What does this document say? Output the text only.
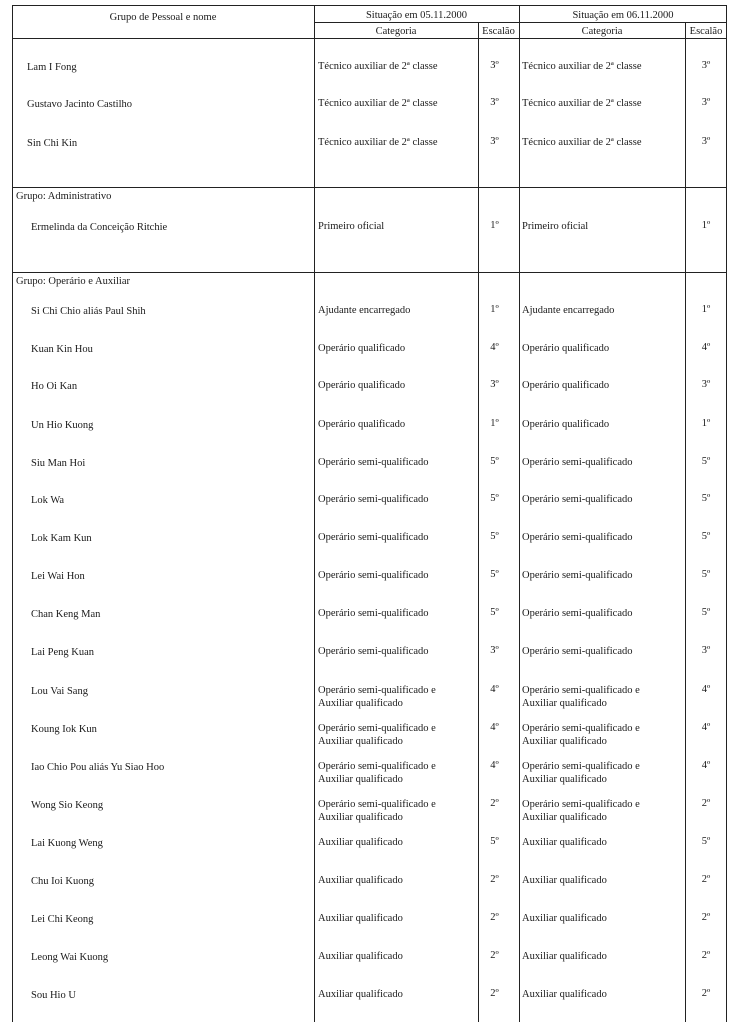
Grupo de Pessoal e nome	Situação em 05.11.2000	Situação em 06.11.2000
Categoria	Escalão	Categoria	Escalão
Lam I Fong	Técnico auxiliar de 2ª classe	3º	Técnico auxiliar de 2ª classe	3º
Gustavo Jacinto Castilho	Técnico auxiliar de 2ª classe	3º	Técnico auxiliar de 2ª classe	3º
Sin Chi Kin	Técnico auxiliar de 2ª classe	3º	Técnico auxiliar de 2ª classe	3º
Grupo: Administrativo
Ermelinda da Conceição Ritchie	Primeiro oficial	1º	Primeiro oficial	1º
Grupo: Operário e Auxiliar
Si Chi Chio aliás Paul Shih	Ajudante encarregado	1º	Ajudante encarregado	1º
Kuan Kin Hou	Operário qualificado	4º	Operário qualificado	4º
Ho Oi Kan	Operário qualificado	3º	Operário qualificado	3º
Un Hio Kuong	Operário qualificado	1º	Operário qualificado	1º
Siu Man Hoi	Operário semi-qualificado	5º	Operário semi-qualificado	5º
Lok Wa	Operário semi-qualificado	5º	Operário semi-qualificado	5º
Lok Kam Kun	Operário semi-qualificado	5º	Operário semi-qualificado	5º
Lei Wai Hon	Operário semi-qualificado	5º	Operário semi-qualificado	5º
Chan Keng Man	Operário semi-qualificado	5º	Operário semi-qualificado	5º
Lai Peng Kuan	Operário semi-qualificado	3º	Operário semi-qualificado	3º
Lou Vai Sang	Operário semi-qualificado e
Auxiliar qualificado
4º	Operário semi-qualificado e
Auxiliar qualificado
4º
Koung Iok Kun	Operário semi-qualificado e
Auxiliar qualificado
4º	Operário semi-qualificado e
Auxiliar qualificado
4º
Iao Chio Pou aliás Yu Siao Hoo	Operário semi-qualificado e
Auxiliar qualificado
4º	Operário semi-qualificado e
Auxiliar qualificado
4º
Wong Sio Keong	Operário semi-qualificado e
Auxiliar qualificado
2º	Operário semi-qualificado e
Auxiliar qualificado
2º
Lai Kuong Weng	Auxiliar qualificado	5º	Auxiliar qualificado	5º
Chu Ioi Kuong	Auxiliar qualificado	2º	Auxiliar qualificado	2º
Lei Chi Keong	Auxiliar qualificado	2º	Auxiliar qualificado	2º
Leong Wai Kuong	Auxiliar qualificado	2º	Auxiliar qualificado	2º
Sou Hio U	Auxiliar qualificado	2º	Auxiliar qualificado	2º
